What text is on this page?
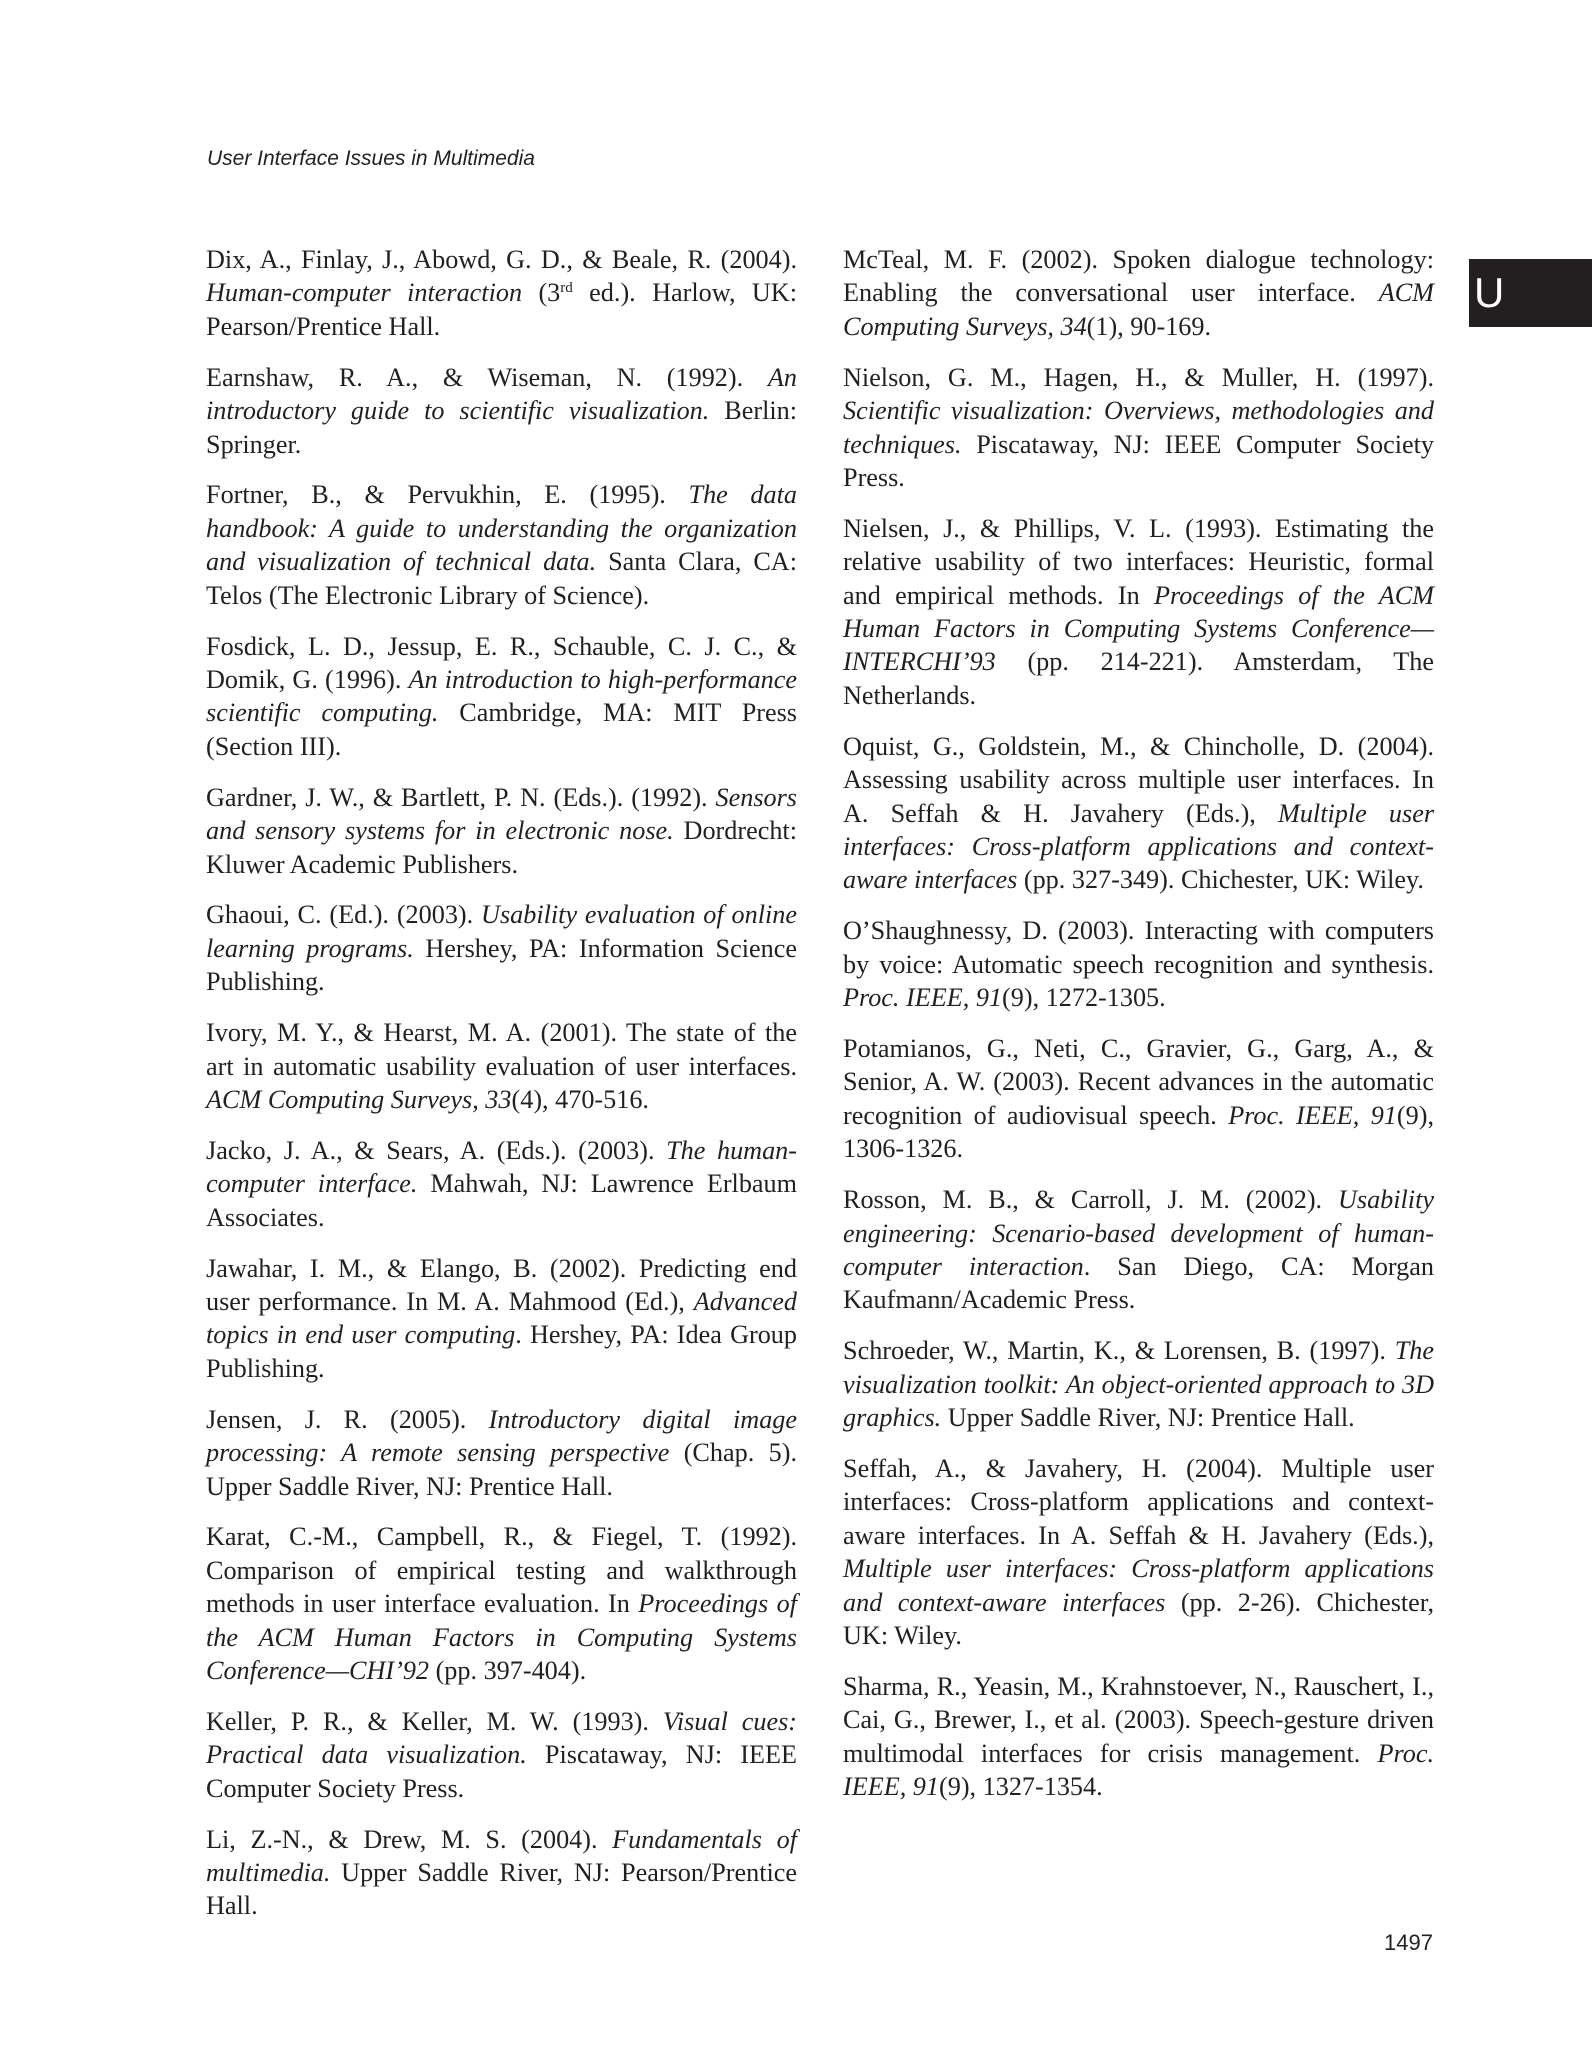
User Interface Issues in Multimedia
U

Dix, A., Finlay, J., Abowd, G. D., & Beale, R. (2004). Human-computer interaction (3rd ed.). Harlow, UK: Pearson/Prentice Hall.

Earnshaw, R. A., & Wiseman, N. (1992). An introductory guide to scientific visualization. Berlin: Springer.

Fortner, B., & Pervukhin, E. (1995). The data handbook: A guide to understanding the organization and visualization of technical data. Santa Clara, CA: Telos (The Electronic Library of Science).

Fosdick, L. D., Jessup, E. R., Schauble, C. J. C., & Domik, G. (1996). An introduction to high-performance scientific computing. Cambridge, MA: MIT Press (Section III).

Gardner, J. W., & Bartlett, P. N. (Eds.). (1992). Sensors and sensory systems for in electronic nose. Dordrecht: Kluwer Academic Publishers.

Ghaoui, C. (Ed.). (2003). Usability evaluation of online learning programs. Hershey, PA: Information Science Publishing.

Ivory, M. Y., & Hearst, M. A. (2001). The state of the art in automatic usability evaluation of user interfaces. ACM Computing Surveys, 33(4), 470-516.

Jacko, J. A., & Sears, A. (Eds.). (2003). The human-computer interface. Mahwah, NJ: Lawrence Erlbaum Associates.

Jawahar, I. M., & Elango, B. (2002). Predicting end user performance. In M. A. Mahmood (Ed.), Advanced topics in end user computing. Hershey, PA: Idea Group Publishing.

Jensen, J. R. (2005). Introductory digital image processing: A remote sensing perspective (Chap. 5). Upper Saddle River, NJ: Prentice Hall.

Karat, C.-M., Campbell, R., & Fiegel, T. (1992). Comparison of empirical testing and walkthrough methods in user interface evaluation. In Proceedings of the ACM Human Factors in Computing Systems Conference—CHI’92 (pp. 397-404).

Keller, P. R., & Keller, M. W. (1993). Visual cues: Practical data visualization. Piscataway, NJ: IEEE Computer Society Press.

Li, Z.-N., & Drew, M. S. (2004). Fundamentals of multimedia. Upper Saddle River, NJ: Pearson/Prentice Hall.

McTeal, M. F. (2002). Spoken dialogue technology: Enabling the conversational user interface. ACM Computing Surveys, 34(1), 90-169.

Nielson, G. M., Hagen, H., & Muller, H. (1997). Scientific visualization: Overviews, methodologies and techniques. Piscataway, NJ: IEEE Computer Society Press.

Nielsen, J., & Phillips, V. L. (1993). Estimating the relative usability of two interfaces: Heuristic, formal and empirical methods. In Proceedings of the ACM Human Factors in Computing Systems Conference—INTERCHI’93 (pp. 214-221). Amsterdam, The Netherlands.

Oquist, G., Goldstein, M., & Chincholle, D. (2004). Assessing usability across multiple user interfaces. In A. Seffah & H. Javahery (Eds.), Multiple user interfaces: Cross-platform applications and context-aware interfaces (pp. 327-349). Chichester, UK: Wiley.

O’Shaughnessy, D. (2003). Interacting with computers by voice: Automatic speech recognition and synthesis. Proc. IEEE, 91(9), 1272-1305.

Potamianos, G., Neti, C., Gravier, G., Garg, A., & Senior, A. W. (2003). Recent advances in the automatic recognition of audiovisual speech. Proc. IEEE, 91(9), 1306-1326.

Rosson, M. B., & Carroll, J. M. (2002). Usability engineering: Scenario-based development of human-computer interaction. San Diego, CA: Morgan Kaufmann/Academic Press.

Schroeder, W., Martin, K., & Lorensen, B. (1997). The visualization toolkit: An object-oriented approach to 3D graphics. Upper Saddle River, NJ: Prentice Hall.

Seffah, A., & Javahery, H. (2004). Multiple user interfaces: Cross-platform applications and context-aware interfaces. In A. Seffah & H. Javahery (Eds.), Multiple user interfaces: Cross-platform applications and context-aware interfaces (pp. 2-26). Chichester, UK: Wiley.

Sharma, R., Yeasin, M., Krahnstoever, N., Rauschert, I., Cai, G., Brewer, I., et al. (2003). Speech-gesture driven multimodal interfaces for crisis management. Proc. IEEE, 91(9), 1327-1354.

1497
